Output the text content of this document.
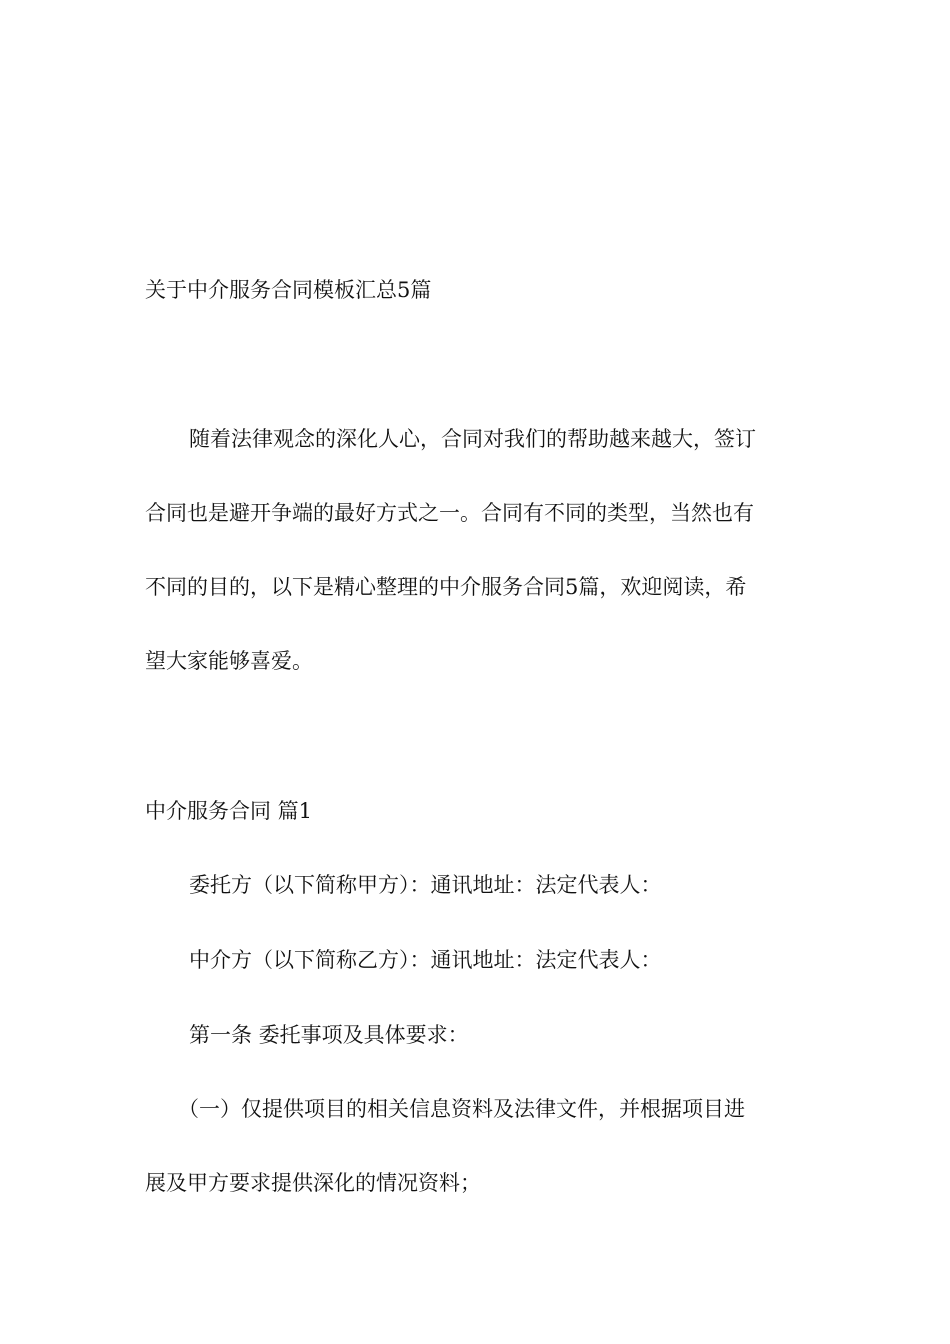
关于中介服务合同模板汇总5篇
随着法律观念的深化人心，合同对我们的帮助越来越大，签订
合同也是避开争端的最好方式之一。合同有不同的类型，当然也有
不同的目的，以下是精心整理的中介服务合同5篇，欢迎阅读，希
望大家能够喜爱。
中介服务合同 篇1
委托方（以下简称甲方）：通讯地址：法定代表人：
中介方（以下简称乙方）：通讯地址：法定代表人：
第一条 委托事项及具体要求：
（一）仅提供项目的相关信息资料及法律文件，并根据项目进
展及甲方要求提供深化的情况资料；
